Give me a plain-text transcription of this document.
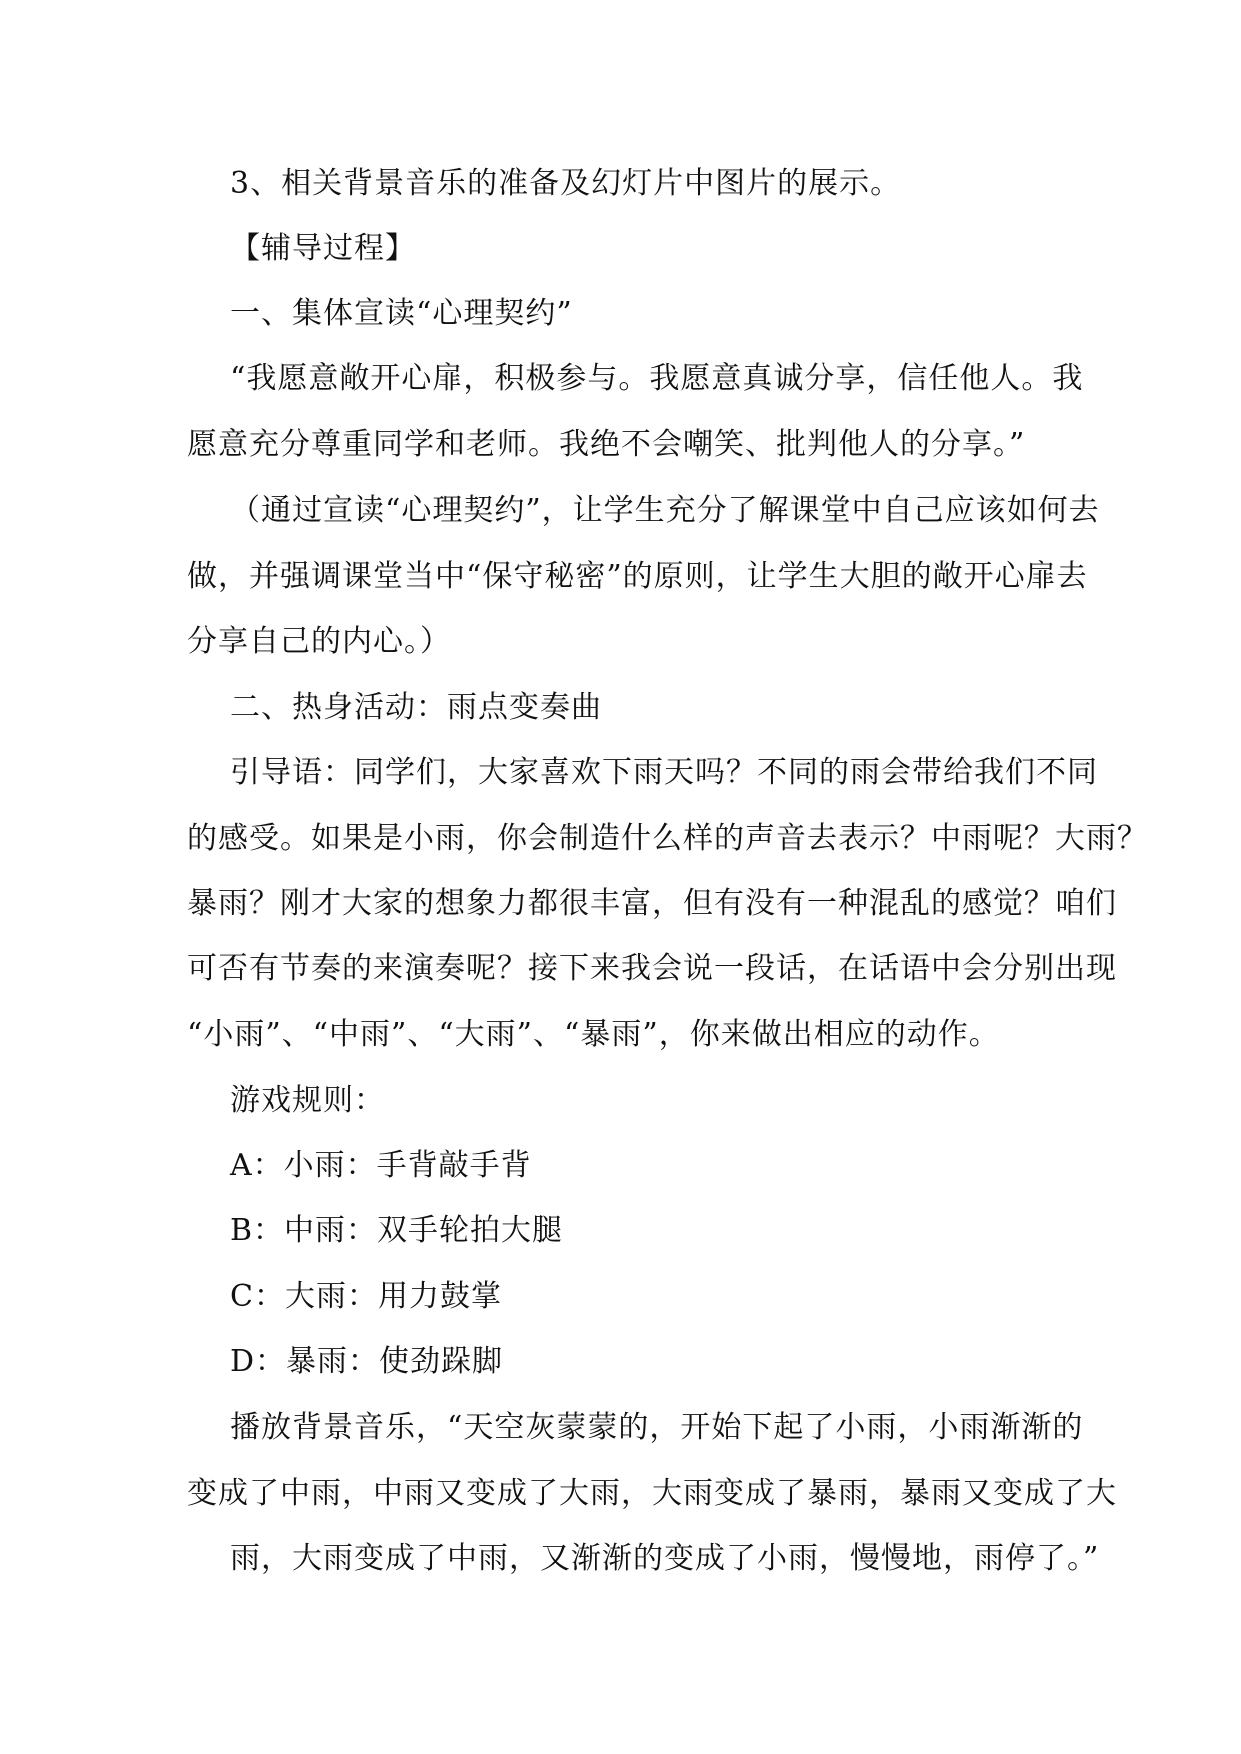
3、相关背景音乐的准备及幻灯片中图片的展示。
【辅导过程】
一、集体宣读“心理契约”
“我愿意敞开心扉，积极参与。我愿意真诚分享，信任他人。我
愿意充分尊重同学和老师。我绝不会嘲笑、批判他人的分享。”
（通过宣读“心理契约”，让学生充分了解课堂中自己应该如何去
做，并强调课堂当中“保守秘密”的原则，让学生大胆的敞开心扉去
分享自己的内心。）
二、热身活动：雨点变奏曲
引导语：同学们，大家喜欢下雨天吗？不同的雨会带给我们不同
的感受。如果是小雨，你会制造什么样的声音去表示？中雨呢？大雨？
暴雨？刚才大家的想象力都很丰富，但有没有一种混乱的感觉？咱们
可否有节奏的来演奏呢？接下来我会说一段话，在话语中会分别出现
“小雨”、“中雨”、“大雨”、“暴雨”，你来做出相应的动作。
游戏规则：
A：小雨：手背敲手背
B：中雨：双手轮拍大腿
C：大雨：用力鼓掌
D：暴雨：使劲跺脚
播放背景音乐，“天空灰蒙蒙的，开始下起了小雨，小雨渐渐的
变成了中雨，中雨又变成了大雨，大雨变成了暴雨，暴雨又变成了大
雨，大雨变成了中雨，又渐渐的变成了小雨，慢慢地，雨停了。”
